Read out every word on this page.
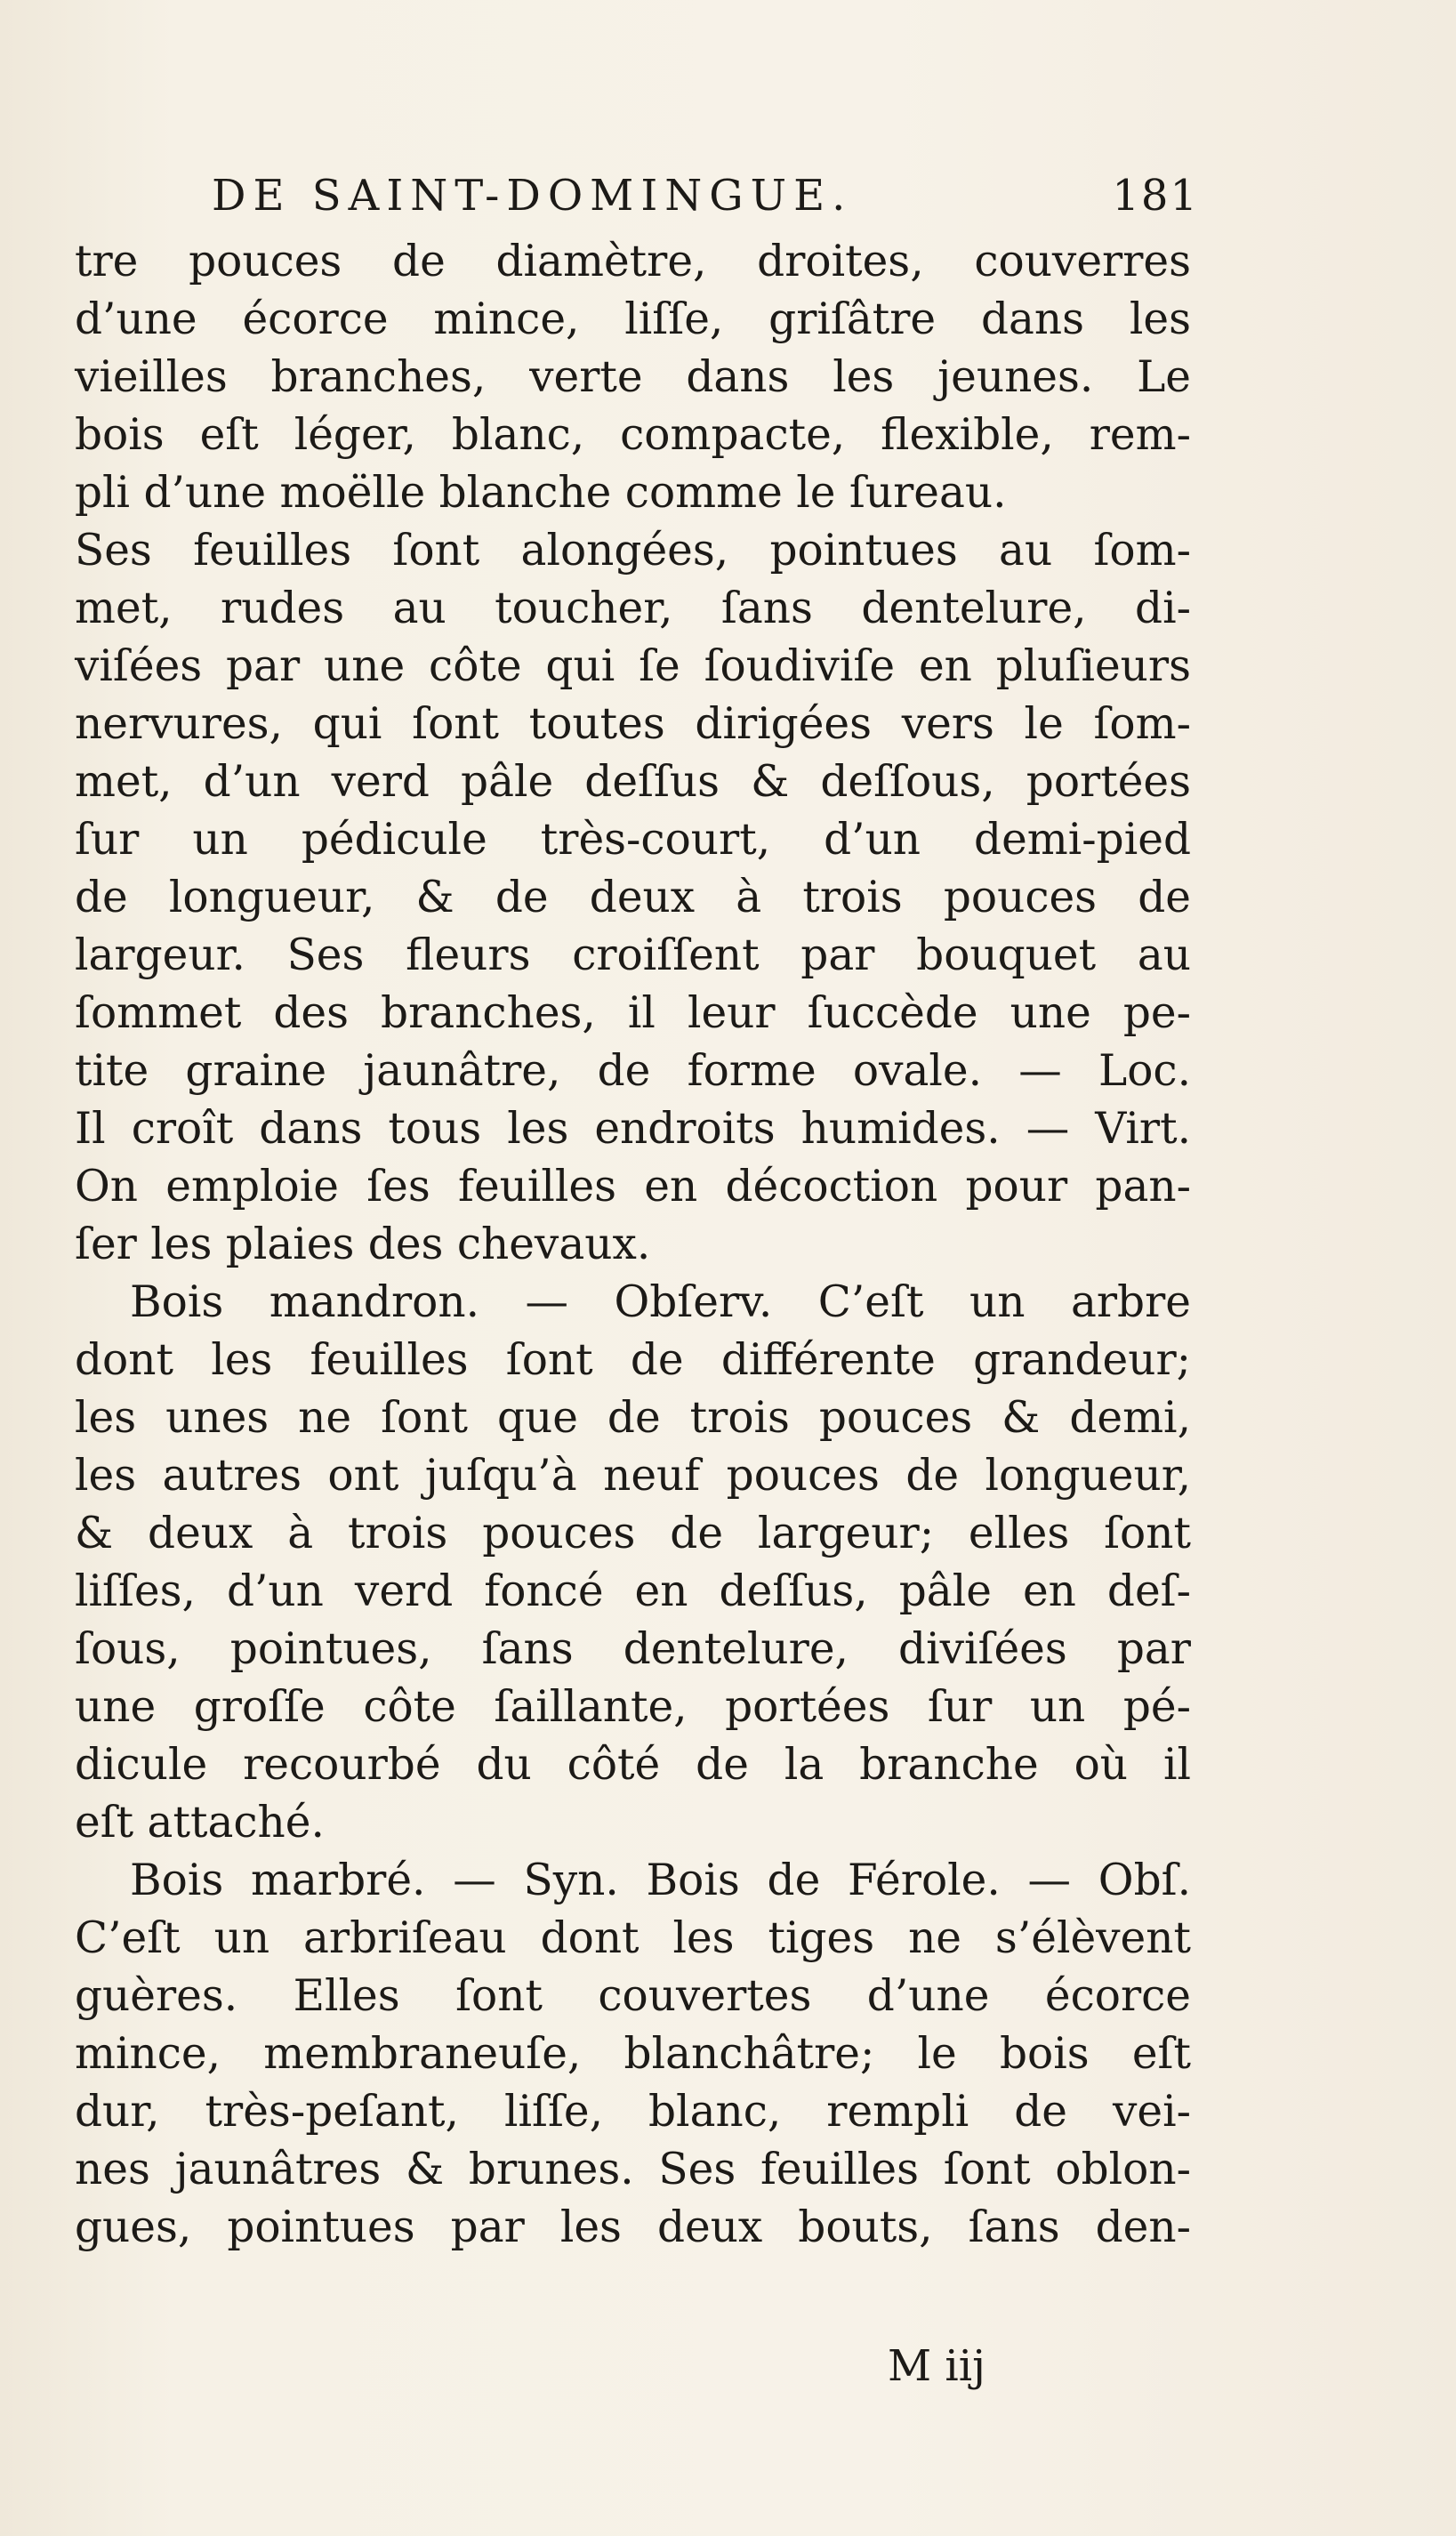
DE SAINT-DOMINGUE.	181
tre pouces de diamètre, droites, couverres
d’une écorce mince, liſſe, griſâtre dans les
vieilles branches, verte dans les jeunes. Le
bois eſt léger, blanc, compacte, flexible, rem-
pli d’une moëlle blanche comme le ſureau.
Ses feuilles ſont alongées, pointues au ſom-
met, rudes au toucher, ſans dentelure, di-
viſées par une côte qui ſe ſoudiviſe en pluſieurs
nervures, qui ſont toutes dirigées vers le ſom-
met, d’un verd pâle deſſus & deſſous, portées
ſur un pédicule très-court, d’un demi-pied
de longueur, & de deux à trois pouces de
largeur. Ses fleurs croiſſent par bouquet au
ſommet des branches, il leur ſuccède une pe-
tite graine jaunâtre, de forme ovale. — Loc.
Il croît dans tous les endroits humides. — Virt.
On emploie ſes feuilles en décoction pour pan-
ſer les plaies des chevaux.
Bois mandron. — Obſerv. C’eſt un arbre
dont les feuilles ſont de différente grandeur;
les unes ne ſont que de trois pouces & demi,
les autres ont juſqu’à neuf pouces de longueur,
& deux à trois pouces de largeur; elles ſont
liſſes, d’un verd foncé en deſſus, pâle en deſ-
ſous, pointues, ſans dentelure, diviſées par
une groſſe côte ſaillante, portées ſur un pé-
dicule recourbé du côté de la branche où il
eſt attaché.
Bois marbré. — Syn. Bois de Férole. — Obſ.
C’eſt un arbriſeau dont les tiges ne s’élèvent
guères. Elles ſont couvertes d’une écorce
mince, membraneuſe, blanchâtre; le bois eſt
dur, très-peſant, liſſe, blanc, rempli de vei-
nes jaunâtres & brunes. Ses feuilles ſont oblon-
gues, pointues par les deux bouts, ſans den-
M iij
